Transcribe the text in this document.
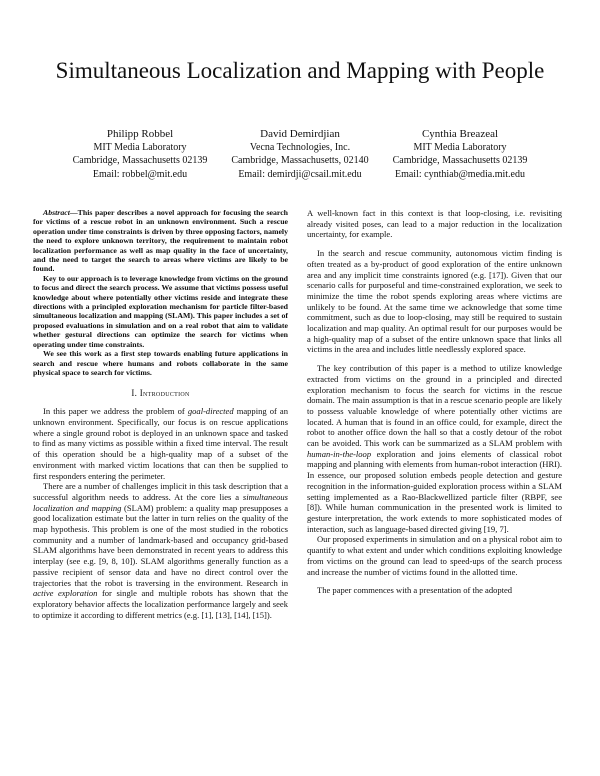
Simultaneous Localization and Mapping with People
Philipp Robbel
MIT Media Laboratory
Cambridge, Massachusetts 02139
Email: robbel@mit.edu
David Demirdjian
Vecna Technologies, Inc.
Cambridge, Massachusetts, 02140
Email: demirdji@csail.mit.edu
Cynthia Breazeal
MIT Media Laboratory
Cambridge, Massachusetts 02139
Email: cynthiab@media.mit.edu

Abstract—This paper describes a novel approach for focusing the search for victims of a rescue robot in an unknown environment. Such a rescue operation under time constraints is driven by three opposing factors, namely the need to explore unknown territory, the requirement to maintain robot localization performance as well as map quality in the face of uncertainty, and the need to target the search to areas where victims are likely to be found.

Key to our approach is to leverage knowledge from victims on the ground to focus and direct the search process. We assume that victims possess useful knowledge about where potentially other victims reside and integrate these directions with a principled exploration mechanism for particle filter-based simultaneous localization and mapping (SLAM). This paper includes a set of proposed evaluations in simulation and on a real robot that aim to validate whether gestural directions can optimize the search for victims when operating under time constraints.

We see this work as a first step towards enabling future applications in search and rescue where humans and robots collaborate in the same physical space to search for victims.

I. Introduction

In this paper we address the problem of goal-directed mapping of an unknown environment. Specifically, our focus is on rescue applications where a single ground robot is deployed in an unknown space and tasked to find as many victims as possible within a fixed time interval. The result of this operation should be a high-quality map of a subset of the environment with marked victim locations that can then be supplied to first responders entering the perimeter.

There are a number of challenges implicit in this task description that a successful algorithm needs to address. At the core lies a simultaneous localization and mapping (SLAM) problem: a quality map presupposes a good localization estimate but the latter in turn relies on the quality of the map hypothesis. This problem is one of the most studied in the robotics community and a number of landmark-based and occupancy grid-based SLAM algorithms have been demonstrated in recent years to address this interplay (see e.g. [9, 8, 10]). SLAM algorithms generally function as a passive recipient of sensor data and have no direct control over the trajectories that the robot is traversing in the environment. Research in active exploration for single and multiple robots has shown that the exploratory behavior affects the localization performance largely and seek to optimize it according to different metrics (e.g. [1], [13], [14], [15]).

A well-known fact in this context is that loop-closing, i.e. revisiting already visited poses, can lead to a major reduction in the localization uncertainty, for example.

In the search and rescue community, autonomous victim finding is often treated as a by-product of good exploration of the entire unknown area and any implicit time constraints ignored (e.g. [17]). Given that our scenario calls for purposeful and time-constrained exploration, we seek to minimize the time the robot spends exploring areas where victims are unlikely to be found. At the same time we acknowledge that some time commitment, such as due to loop-closing, may still be required to sustain localization and map quality. An optimal result for our purposes would be a high-quality map of a subset of the entire unknown space that links all victims in the area and includes little needlessly explored space.

The key contribution of this paper is a method to utilize knowledge extracted from victims on the ground in a principled and directed exploration mechanism to focus the search for victims in the rescue domain. The main assumption is that in a rescue scenario people are likely to possess valuable knowledge of where potentially other victims are located. A human that is found in an office could, for example, direct the robot to another office down the hall so that a costly detour of the robot can be avoided. This work can be summarized as a SLAM problem with human-in-the-loop exploration and joins elements of classical robot mapping and planning with elements from human-robot interaction (HRI). In essence, our proposed solution embeds people detection and gesture recognition in the information-guided exploration process within a SLAM setting implemented as a Rao-Blackwellized particle filter (RBPF, see [8]). While human communication in the presented work is limited to gesture interpretation, the work extends to more sophisticated modes of interaction, such as language-based directed giving [19, 7].

Our proposed experiments in simulation and on a physical robot aim to quantify to what extent and under which conditions exploiting knowledge from victims on the ground can lead to speed-ups of the search process and increase the number of victims found in the allotted time.

The paper commences with a presentation of the adopted
